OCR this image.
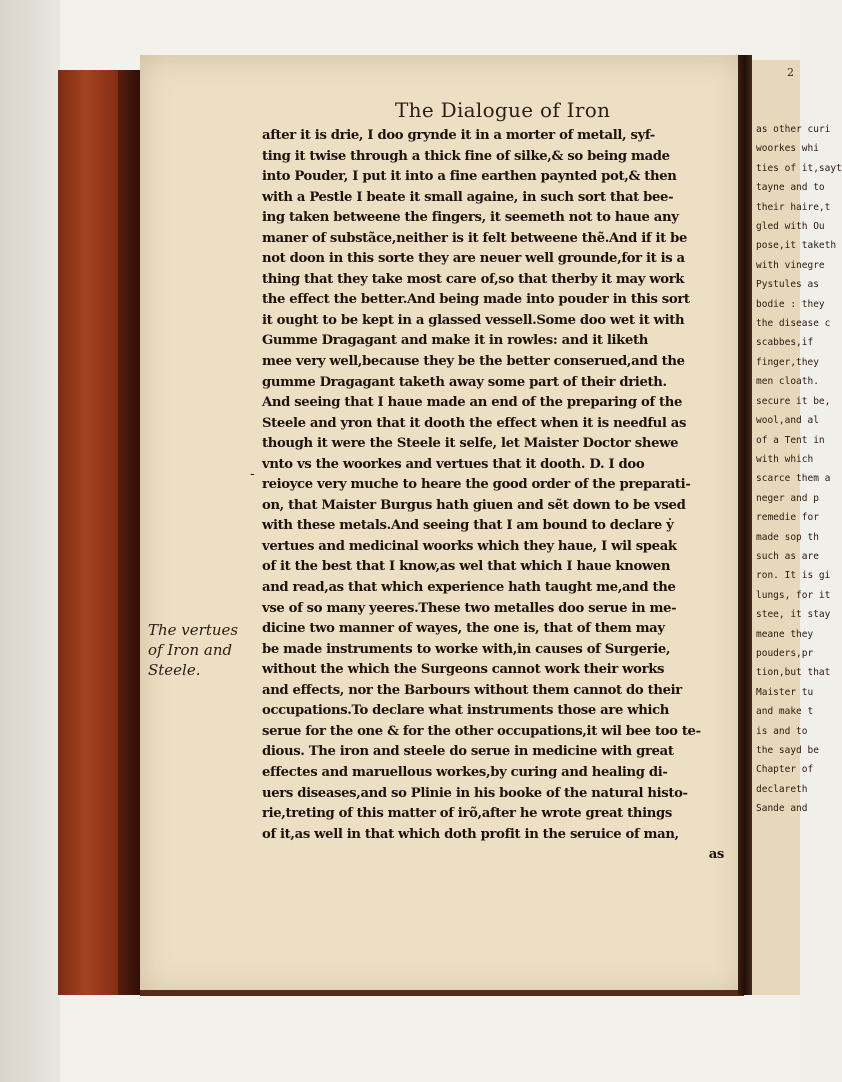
2
as other curi
woorkes whi
ties of it,sayt
tayne and to
their haire,t
gled with Ou
pose,it taketh
with vinegre
Pystules as
bodie : they
the disease c
scabbes,if
finger,they
men cloath.
secure it be,
wool,and al
of a Tent in
with which
scarce them a
neger and p
remedie for
made sop th
such as are
ron. It is gi
lungs, for it
stee, it stay
meane they
pouders,pr
tion,but that
Maister tu
and make t
is and to
the sayd be
Chapter of
declareth
Sande and
The Dialogue of Iron
-
The vertues
of Iron and
Steele.
after it is drie, I doo grynde it in a morter of metall, syf-
ting it twise through a thick fine of silke,& so being made
into Pouder, I put it into a fine earthen paynted pot,& then
with a Pestle I beate it small againe, in such sort that bee-
ing taken betweene the fingers, it seemeth not to haue any
maner of substãce,neither is it felt betweene thẽ.And if it be
not doon in this sorte they are neuer well grounde,for it is a
thing that they take most care of,so that therby it may work
the effect the better.And being made into pouder in this sort
it ought to be kept in a glassed vessell.Some doo wet it with
Gumme Dragagant and make it in rowles: and it liketh
mee very well,because they be the better conserued,and the
gumme Dragagant taketh away some part of their drieth.
And seeing that I haue made an end of the preparing of the
Steele and yron that it dooth the effect when it is needful as
though it were the Steele it selfe, let Maister Doctor shewe
vnto vs the woorkes and vertues that it dooth. D. I doo
reioyce very muche to heare the good order of the preparati-
on, that Maister Burgus hath giuen and sẽt down to be vsed
with these metals.And seeing that I am bound to declare ẏ
vertues and medicinal woorks which they haue, I wil speak
of it the best that I know,as wel that which I haue knowen
and read,as that which experience hath taught me,and the
vse of so many yeeres.These two metalles doo serue in me-
dicine two manner of wayes, the one is, that of them may
be made instruments to worke with,in causes of Surgerie,
without the which the Surgeons cannot work their works
and effects, nor the Barbours without them cannot do their
occupations.To declare what instruments those are which
serue for the one & for the other occupations,it wil bee too te-
dious. The iron and steele do serue in medicine with great
effectes and maruellous workes,by curing and healing di-
uers diseases,and so Plinie in his booke of the natural histo-
rie,treting of this matter of irõ,after he wrote great things
of it,as well in that which doth profit in the seruice of man,
as
